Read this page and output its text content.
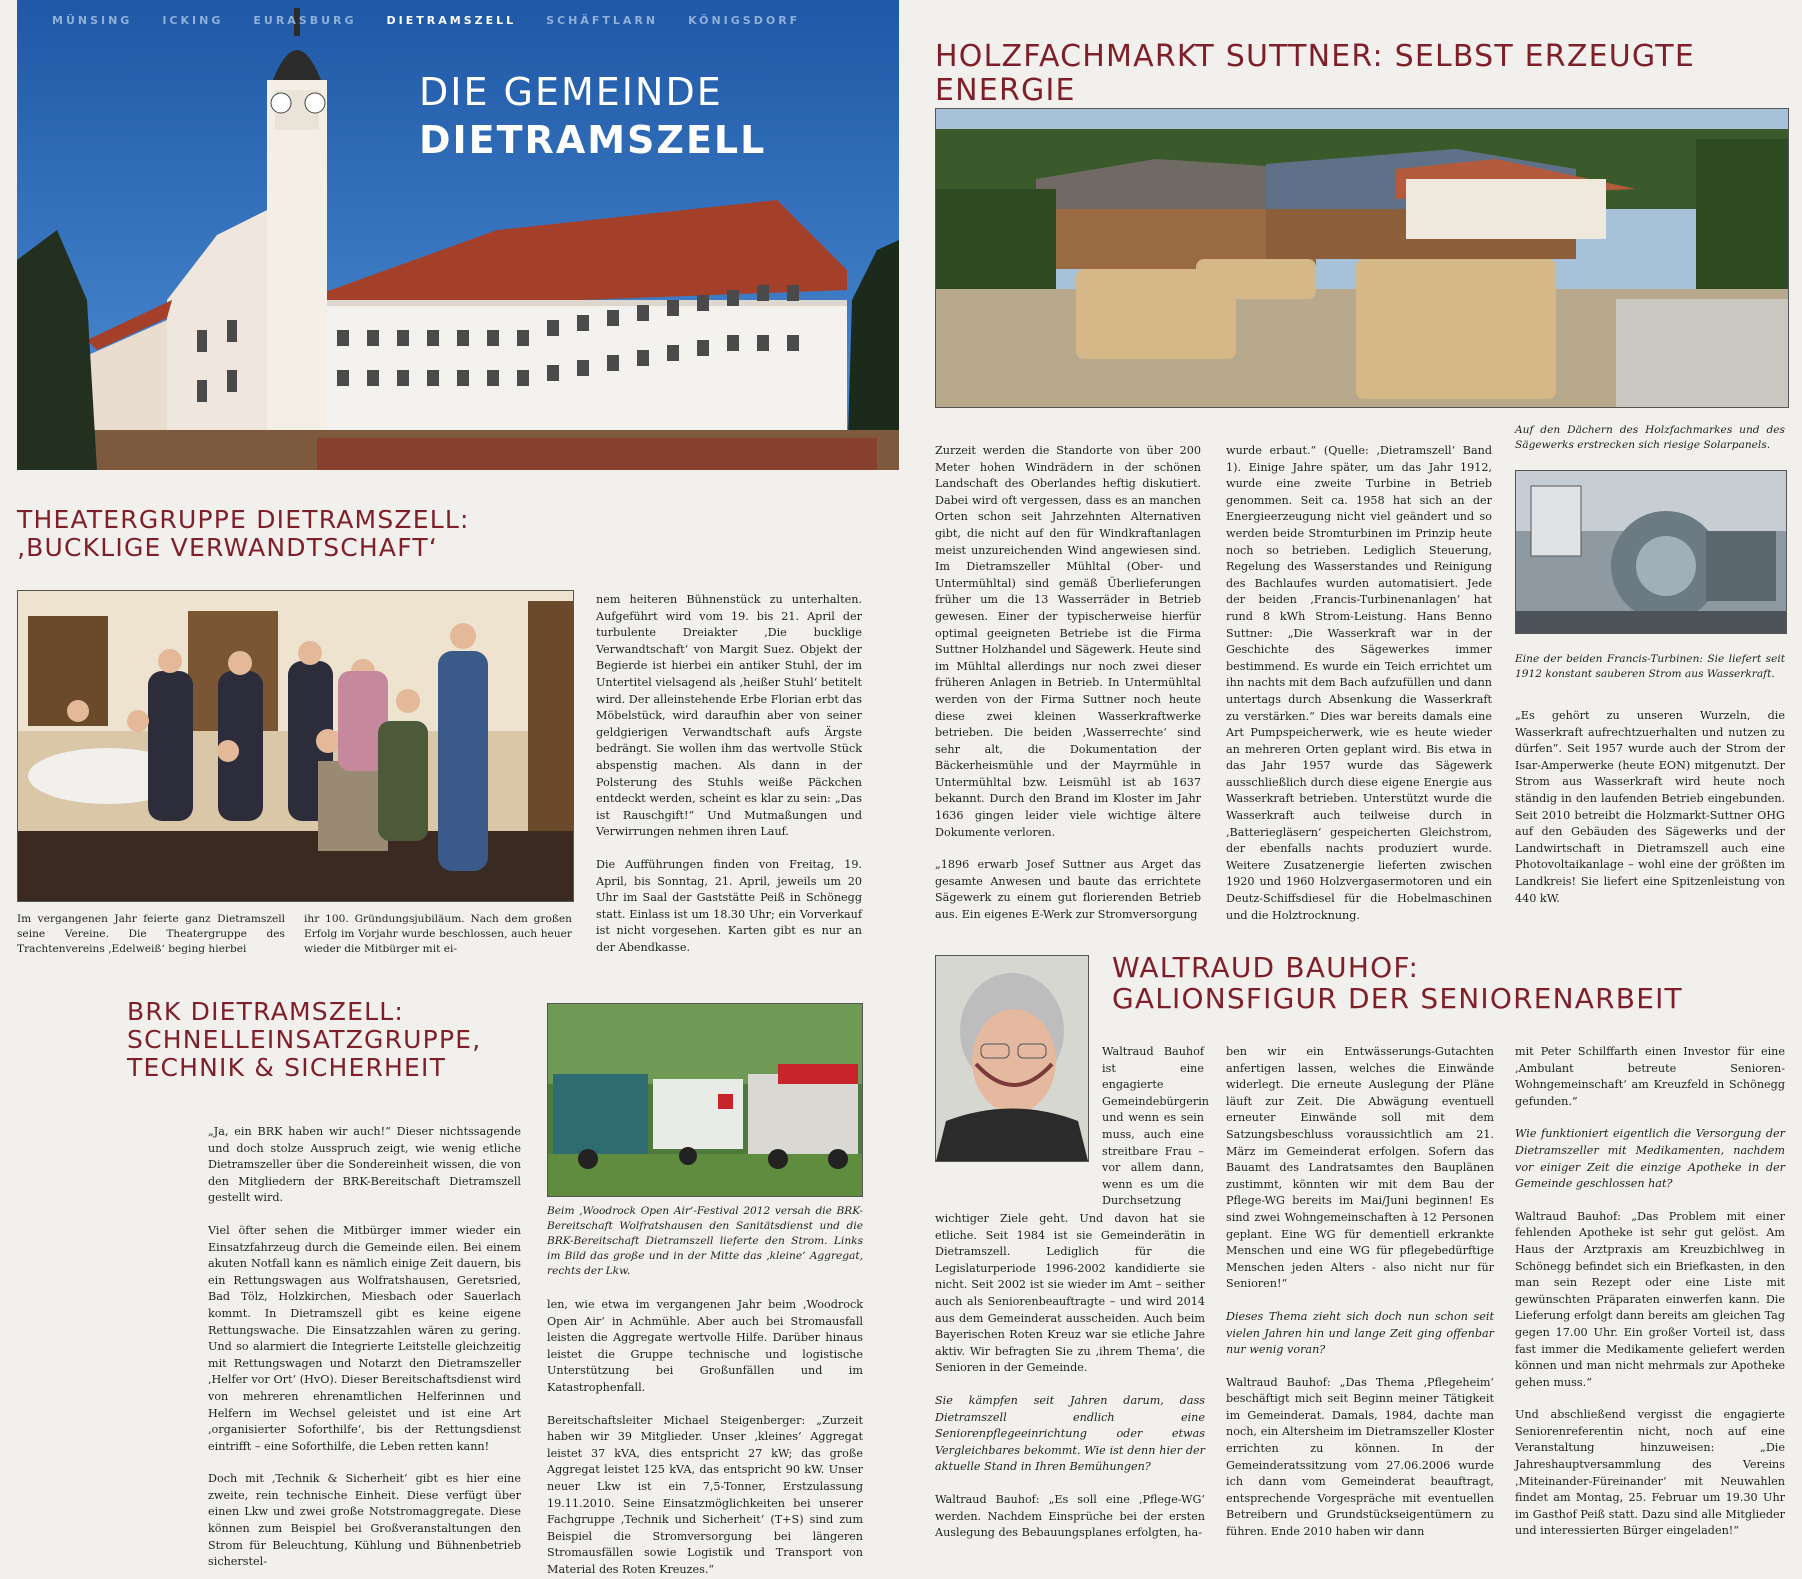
MÜNSING	ICKING	EURASBURG	DIETRAMSZELL	SCHÄFTLARN	KÖNIGSDORF
DIE GEMEINDE
DIETRAMSZELL
THEATERGRUPPE DIETRAMSZELL:
‚BUCKLIGE VERWANDTSCHAFT‘
Im vergangenen Jahr feierte ganz Dietramszell seine Vereine. Die Theatergruppe des Trachtenvereins ‚Edelweiß‘ beging hierbei
ihr 100. Gründungsjubiläum. Nach dem großen Erfolg im Vorjahr wurde beschlossen, auch heuer wieder die Mitbürger mit ei-

nem heiteren Bühnenstück zu unterhalten. Aufgeführt wird vom 19. bis 21. April der turbulente Dreiakter ‚Die bucklige Verwandtschaft‘ von Margit Suez. Objekt der Begierde ist hierbei ein antiker Stuhl, der im Untertitel vielsagend als ‚heißer Stuhl‘ betitelt wird. Der alleinstehende Erbe Florian erbt das Möbelstück, wird daraufhin aber von seiner geldgierigen Verwandtschaft aufs Ärgste bedrängt. Sie wollen ihm das wertvolle Stück abspenstig machen. Als dann in der Polsterung des Stuhls weiße Päckchen entdeckt werden, scheint es klar zu sein: „Das ist Rauschgift!“ Und Mutmaßungen und Verwirrungen nehmen ihren Lauf.

Die Aufführungen finden von Freitag, 19. April, bis Sonntag, 21. April, jeweils um 20 Uhr im Saal der Gaststätte Peiß in Schönegg statt. Einlass ist um 18.30 Uhr; ein Vorverkauf ist nicht vorgesehen. Karten gibt es nur an der Abendkasse.

BRK DIETRAMSZELL:
SCHNELLEINSATZGRUPPE,
TECHNIK & SICHERHEIT
Beim ‚Woodrock Open Air‘-Festival 2012 versah die BRK-Bereitschaft Wolfratshausen den Sanitätsdienst und die BRK-Bereitschaft Dietramszell lieferte den Strom. Links im Bild das große und in der Mitte das ‚kleine‘ Aggregat, rechts der Lkw.

„Ja, ein BRK haben wir auch!“ Dieser nichtssagende und doch stolze Ausspruch zeigt, wie wenig etliche Dietramszeller über die Sondereinheit wissen, die von den Mitgliedern der BRK-Bereitschaft Dietramszell gestellt wird.

Viel öfter sehen die Mitbürger immer wieder ein Einsatzfahrzeug durch die Gemeinde eilen. Bei einem akuten Notfall kann es nämlich einige Zeit dauern, bis ein Rettungswagen aus Wolfratshausen, Geretsried, Bad Tölz, Holzkirchen, Miesbach oder Sauerlach kommt. In Dietramszell gibt es keine eigene Rettungswache. Die Einsatzzahlen wären zu gering. Und so alarmiert die Integrierte Leitstelle gleichzeitig mit Rettungswagen und Notarzt den Dietramszeller ‚Helfer vor Ort‘ (HvO). Dieser Bereitschaftsdienst wird von mehreren ehrenamtlichen Helferinnen und Helfern im Wechsel geleistet und ist eine Art ‚organisierter Soforthilfe‘, bis der Rettungsdienst eintrifft – eine Soforthilfe, die Leben retten kann!

Doch mit ‚Technik & Sicherheit‘ gibt es hier eine zweite, rein technische Einheit. Diese verfügt über einen Lkw und zwei große Notstromaggregate. Diese können zum Beispiel bei Großveranstaltungen den Strom für Beleuchtung, Kühlung und Bühnenbetrieb sicherstel-

len, wie etwa im vergangenen Jahr beim ‚Woodrock Open Air‘ in Achmühle. Aber auch bei Stromausfall leisten die Aggregate wertvolle Hilfe. Darüber hinaus leistet die Gruppe technische und logistische Unterstützung bei Großunfällen und im Katastrophenfall.

Bereitschaftsleiter Michael Steigenberger: „Zurzeit haben wir 39 Mitglieder. Unser ‚kleines‘ Aggregat leistet 37 kVA, dies entspricht 27 kW; das große Aggregat leistet 125 kVA, das entspricht 90 kW. Unser neuer Lkw ist ein 7,5-Tonner, Erstzulassung 19.11.2010. Seine Einsatzmöglichkeiten bei unserer Fachgruppe ‚Technik und Sicherheit‘ (T+S) sind zum Beispiel die Stromversorgung bei längeren Stromausfällen sowie Logistik und Transport von Material des Roten Kreuzes.“

HOLZFACHMARKT SUTTNER: SELBST ERZEUGTE ENERGIE
Auf den Dächern des Holzfachmarkes und des Sägewerks erstrecken sich riesige Solarpanels.
Eine der beiden Francis-Turbinen: Sie liefert seit 1912 konstant sauberen Strom aus Wasserkraft.

Zurzeit werden die Standorte von über 200 Meter hohen Windrädern in der schönen Landschaft des Oberlandes heftig diskutiert. Dabei wird oft vergessen, dass es an manchen Orten schon seit Jahrzehnten Alternativen gibt, die nicht auf den für Windkraftanlagen meist unzureichenden Wind angewiesen sind. Im Dietramszeller Mühltal (Ober- und Untermühltal) sind gemäß Überlieferungen früher um die 13 Wasserräder in Betrieb gewesen. Einer der typischerweise hierfür optimal geeigneten Betriebe ist die Firma Suttner Holzhandel und Sägewerk. Heute sind im Mühltal allerdings nur noch zwei dieser früheren Anlagen in Betrieb. In Untermühltal werden von der Firma Suttner noch heute diese zwei kleinen Wasserkraftwerke betrieben. Die beiden ‚Wasserrechte‘ sind sehr alt, die Dokumentation der Bäckerheismühle und der Mayrmühle in Untermühltal bzw. Leismühl ist ab 1637 bekannt. Durch den Brand im Kloster im Jahr 1636 gingen leider viele wichtige ältere Dokumente verloren.

„1896 erwarb Josef Suttner aus Arget das gesamte Anwesen und baute das errichtete Sägewerk zu einem gut florierenden Betrieb aus. Ein eigenes E-Werk zur Stromversorgung

wurde erbaut.“ (Quelle: ‚Dietramszell‘ Band 1). Einige Jahre später, um das Jahr 1912, wurde eine zweite Turbine in Betrieb genommen. Seit ca. 1958 hat sich an der Energieerzeugung nicht viel geändert und so werden beide Stromturbinen im Prinzip heute noch so betrieben. Lediglich Steuerung, Regelung des Wasserstandes und Reinigung des Bachlaufes wurden automatisiert. Jede der beiden ‚Francis-Turbinenanlagen‘ hat rund 8 kWh Strom-Leistung. Hans Benno Suttner: „Die Wasserkraft war in der Geschichte des Sägewerkes immer bestimmend. Es wurde ein Teich errichtet um ihn nachts mit dem Bach aufzufüllen und dann untertags durch Absenkung die Wasserkraft zu verstärken.“ Dies war bereits damals eine Art Pumpspeicherwerk, wie es heute wieder an mehreren Orten geplant wird. Bis etwa in das Jahr 1957 wurde das Sägewerk ausschließlich durch diese eigene Energie aus Wasserkraft betrieben. Unterstützt wurde die Wasserkraft auch teilweise durch in ‚Batteriegläsern‘ gespeicherten Gleichstrom, der ebenfalls nachts produziert wurde. Weitere Zusatzenergie lieferten zwischen 1920 und 1960 Holzvergasermotoren und ein Deutz-Schiffsdiesel für die Hobelmaschinen und die Holztrocknung.

„Es gehört zu unseren Wurzeln, die Wasserkraft aufrechtzuerhalten und nutzen zu dürfen“. Seit 1957 wurde auch der Strom der Isar-Amperwerke (heute EON) mitgenutzt. Der Strom aus Wasserkraft wird heute noch ständig in den laufenden Betrieb eingebunden. Seit 2010 betreibt die Holzmarkt-Suttner OHG auf den Gebäuden des Sägewerks und der Landwirtschaft in Dietramszell auch eine Photovoltaikanlage – wohl eine der größten im Landkreis! Sie liefert eine Spitzenleistung von 440 kW.

WALTRAUD BAUHOF:
GALIONSFIGUR DER SENIORENARBEIT

Waltraud Bauhof ist eine engagierte Gemeindebürgerin und wenn es sein muss, auch eine streitbare Frau – vor allem dann, wenn es um die Durchsetzung

wichtiger Ziele geht. Und davon hat sie etliche. Seit 1984 ist sie Gemeinderätin in Dietramszell. Lediglich für die Legislaturperiode 1996-2002 kandidierte sie nicht. Seit 2002 ist sie wieder im Amt – seither auch als Seniorenbeauftragte – und wird 2014 aus dem Gemeinderat ausscheiden. Auch beim Bayerischen Roten Kreuz war sie etliche Jahre aktiv. Wir befragten Sie zu ‚ihrem Thema‘, die Senioren in der Gemeinde.

Sie kämpfen seit Jahren darum, dass Dietramszell endlich eine Seniorenpflegeeinrichtung oder etwas Vergleichbares bekommt. Wie ist denn hier der aktuelle Stand in Ihren Bemühungen?

Waltraud Bauhof: „Es soll eine ‚Pflege-WG‘ werden. Nachdem Einsprüche bei der ersten Auslegung des Bebauungsplanes erfolgten, ha-

ben wir ein Entwässerungs-Gutachten anfertigen lassen, welches die Einwände widerlegt. Die erneute Auslegung der Pläne läuft zur Zeit. Die Abwägung eventuell erneuter Einwände soll mit dem Satzungsbeschluss voraussichtlich am 21. März im Gemeinderat erfolgen. Sofern das Bauamt des Landratsamtes den Bauplänen zustimmt, könnten wir mit dem Bau der Pflege-WG bereits im Mai/Juni beginnen! Es sind zwei Wohngemeinschaften à 12 Personen geplant. Eine WG für dementiell erkrankte Menschen und eine WG für pflegebedürftige Menschen jeden Alters - also nicht nur für Senioren!“

Dieses Thema zieht sich doch nun schon seit vielen Jahren hin und lange Zeit ging offenbar nur wenig voran?

Waltraud Bauhof: „Das Thema ‚Pflegeheim‘ beschäftigt mich seit Beginn meiner Tätigkeit im Gemeinderat. Damals, 1984, dachte man noch, ein Altersheim im Dietramszeller Kloster errichten zu können. In der Gemeinderatssitzung vom 27.06.2006 wurde ich dann vom Gemeinderat beauftragt, entsprechende Vorgespräche mit eventuellen Betreibern und Grundstückseigentümern zu führen. Ende 2010 haben wir dann

mit Peter Schilffarth einen Investor für eine ‚Ambulant betreute Senioren-Wohngemeinschaft‘ am Kreuzfeld in Schönegg gefunden.“

Wie funktioniert eigentlich die Versorgung der Dietramszeller mit Medikamenten, nachdem vor einiger Zeit die einzige Apotheke in der Gemeinde geschlossen hat?

Waltraud Bauhof: „Das Problem mit einer fehlenden Apotheke ist sehr gut gelöst. Am Haus der Arztpraxis am Kreuzbichlweg in Schönegg befindet sich ein Briefkasten, in den man sein Rezept oder eine Liste mit gewünschten Präparaten einwerfen kann. Die Lieferung erfolgt dann bereits am gleichen Tag gegen 17.00 Uhr. Ein großer Vorteil ist, dass fast immer die Medikamente geliefert werden können und man nicht mehrmals zur Apotheke gehen muss.“

Und abschließend vergisst die engagierte Seniorenreferentin nicht, noch auf eine Veranstaltung hinzuweisen: „Die Jahreshauptversammlung des Vereins ‚Miteinander-Füreinander‘ mit Neuwahlen findet am Montag, 25. Februar um 19.30 Uhr im Gasthof Peiß statt. Dazu sind alle Mitglieder und interessierten Bürger eingeladen!“
